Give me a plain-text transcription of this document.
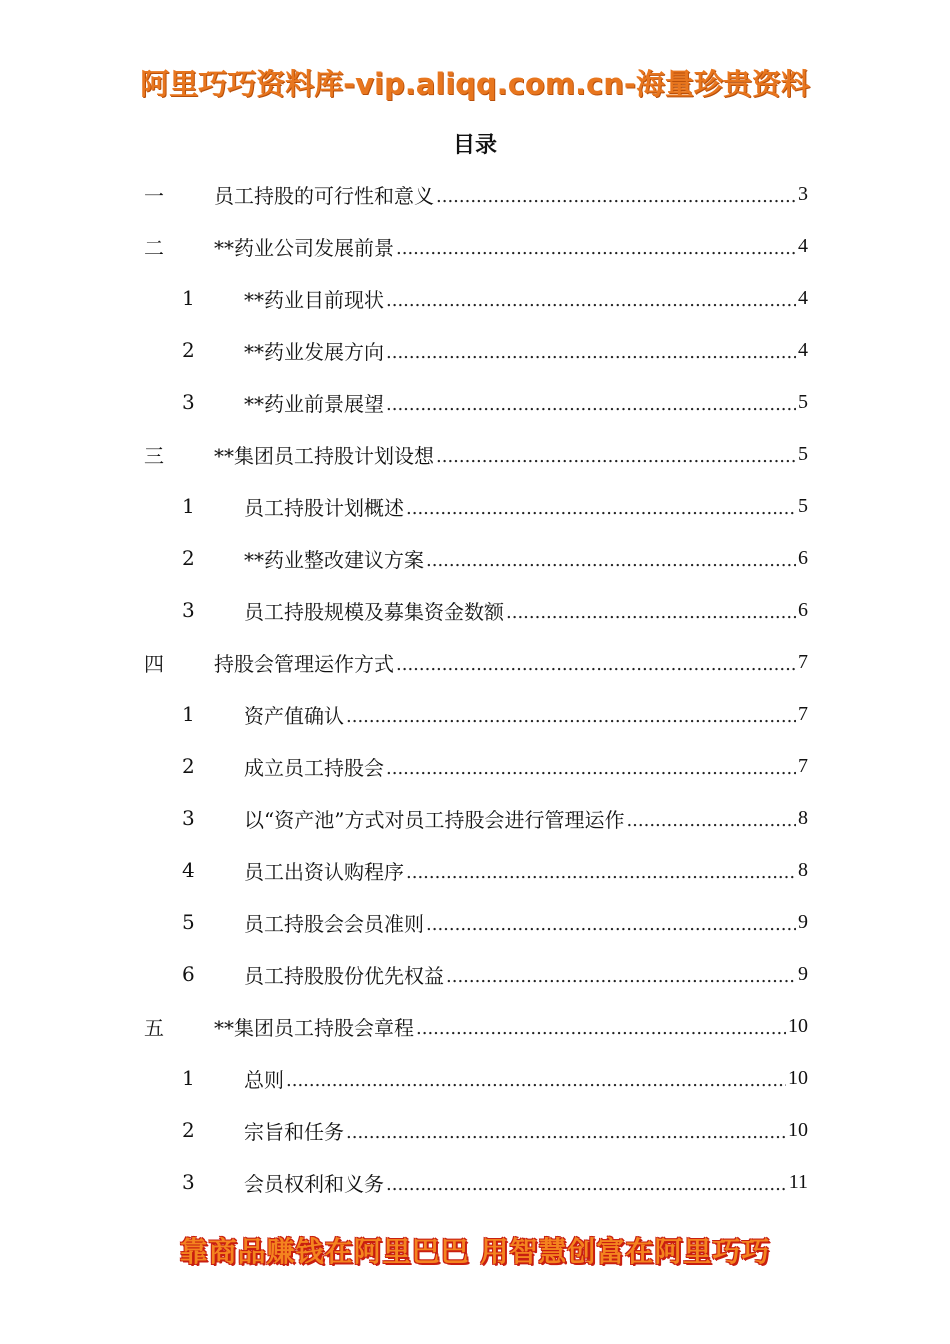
阿里巧巧资料库-vip.aliqq.com.cn-海量珍贵资料
目录
一	员工持股的可行性和意义 .....	3
二	**药业公司发展前景 .....	4
1	**药业目前现状 .....	4
2	**药业发展方向 .....	4
3	**药业前景展望 .....	5
三	**集团员工持股计划设想 .....	5
1	员工持股计划概述 .....	5
2	**药业整改建议方案 .....	6
3	员工持股规模及募集资金数额 .....	6
四	持股会管理运作方式 .....	7
1	资产值确认 .....	7
2	成立员工持股会 .....	7
3	以“资产池”方式对员工持股会进行管理运作 .....	8
4	员工出资认购程序 .....	8
5	员工持股会会员准则 .....	9
6	员工持股股份优先权益 .....	9
五	**集团员工持股会章程 .....	10
1	总则 .....	10
2	宗旨和任务 .....	10
3	会员权利和义务 .....	11
靠商品赚钱在阿里巴巴 用智慧创富在阿里巧巧
